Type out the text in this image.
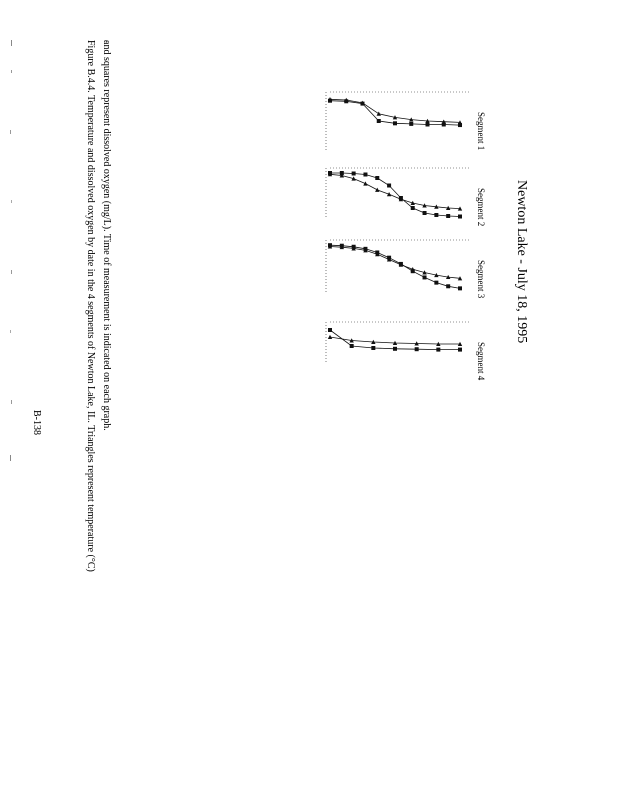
Figure B.4.4. Temperature and dissolved oxygen by date in the 4 segments of Newton Lake, IL. Triangles represent temperature (°C) and squares represent dissolved oxygen (mg/L). Time of measurement is indicated on each graph.
B-138
Newton Lake - July 18, 1995
Segment 1
Segment 2
Segment 3
Segment 4
